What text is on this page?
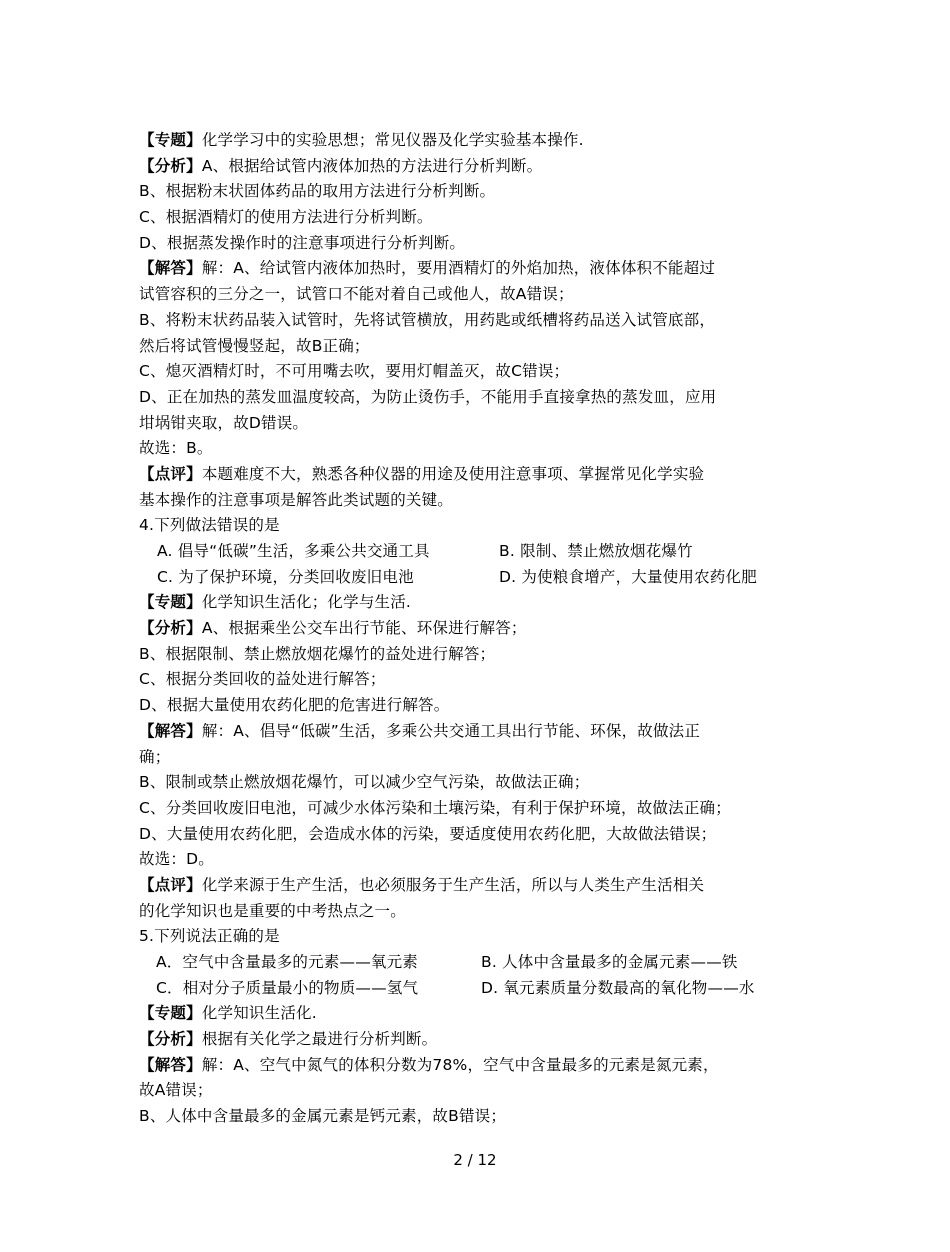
【专题】化学学习中的实验思想；常见仪器及化学实验基本操作.
【分析】A、根据给试管内液体加热的方法进行分析判断。
B、根据粉末状固体药品的取用方法进行分析判断。
C、根据酒精灯的使用方法进行分析判断。
D、根据蒸发操作时的注意事项进行分析判断。
【解答】解：A、给试管内液体加热时，要用酒精灯的外焰加热，液体体积不能超过
试管容积的三分之一，试管口不能对着自己或他人，故A错误；
B、将粉末状药品装入试管时，先将试管横放，用药匙或纸槽将药品送入试管底部，
然后将试管慢慢竖起，故B正确；
C、熄灭酒精灯时，不可用嘴去吹，要用灯帽盖灭，故C错误；
D、正在加热的蒸发皿温度较高，为防止烫伤手，不能用手直接拿热的蒸发皿，应用
坩埚钳夹取，故D错误。
故选：B。
【点评】本题难度不大，熟悉各种仪器的用途及使用注意事项、掌握常见化学实验
基本操作的注意事项是解答此类试题的关键。
4.下列做法错误的是
A. 倡导“低碳”生活，多乘公共交通工具	B. 限制、禁止燃放烟花爆竹
C. 为了保护环境，分类回收废旧电池	D. 为使粮食增产，大量使用农药化肥
【专题】化学知识生活化；化学与生活.
【分析】A、根据乘坐公交车出行节能、环保进行解答；
B、根据限制、禁止燃放烟花爆竹的益处进行解答；
C、根据分类回收的益处进行解答；
D、根据大量使用农药化肥的危害进行解答。
【解答】解：A、倡导“低碳”生活，多乘公共交通工具出行节能、环保，故做法正
确；
B、限制或禁止燃放烟花爆竹，可以减少空气污染，故做法正确；
C、分类回收废旧电池，可减少水体污染和土壤污染，有利于保护环境，故做法正确；
D、大量使用农药化肥，会造成水体的污染，要适度使用农药化肥，大故做法错误；
故选：D。
【点评】化学来源于生产生活，也必须服务于生产生活，所以与人类生产生活相关
的化学知识也是重要的中考热点之一。
5.下列说法正确的是
A．空气中含量最多的元素——氧元素	B. 人体中含量最多的金属元素——铁
C．相对分子质量最小的物质——氢气	D. 氧元素质量分数最高的氧化物——水
【专题】化学知识生活化.
【分析】根据有关化学之最进行分析判断。
【解答】解：A、空气中氮气的体积分数为78%，空气中含量最多的元素是氮元素，
故A错误；
B、人体中含量最多的金属元素是钙元素，故B错误；
2 / 12
